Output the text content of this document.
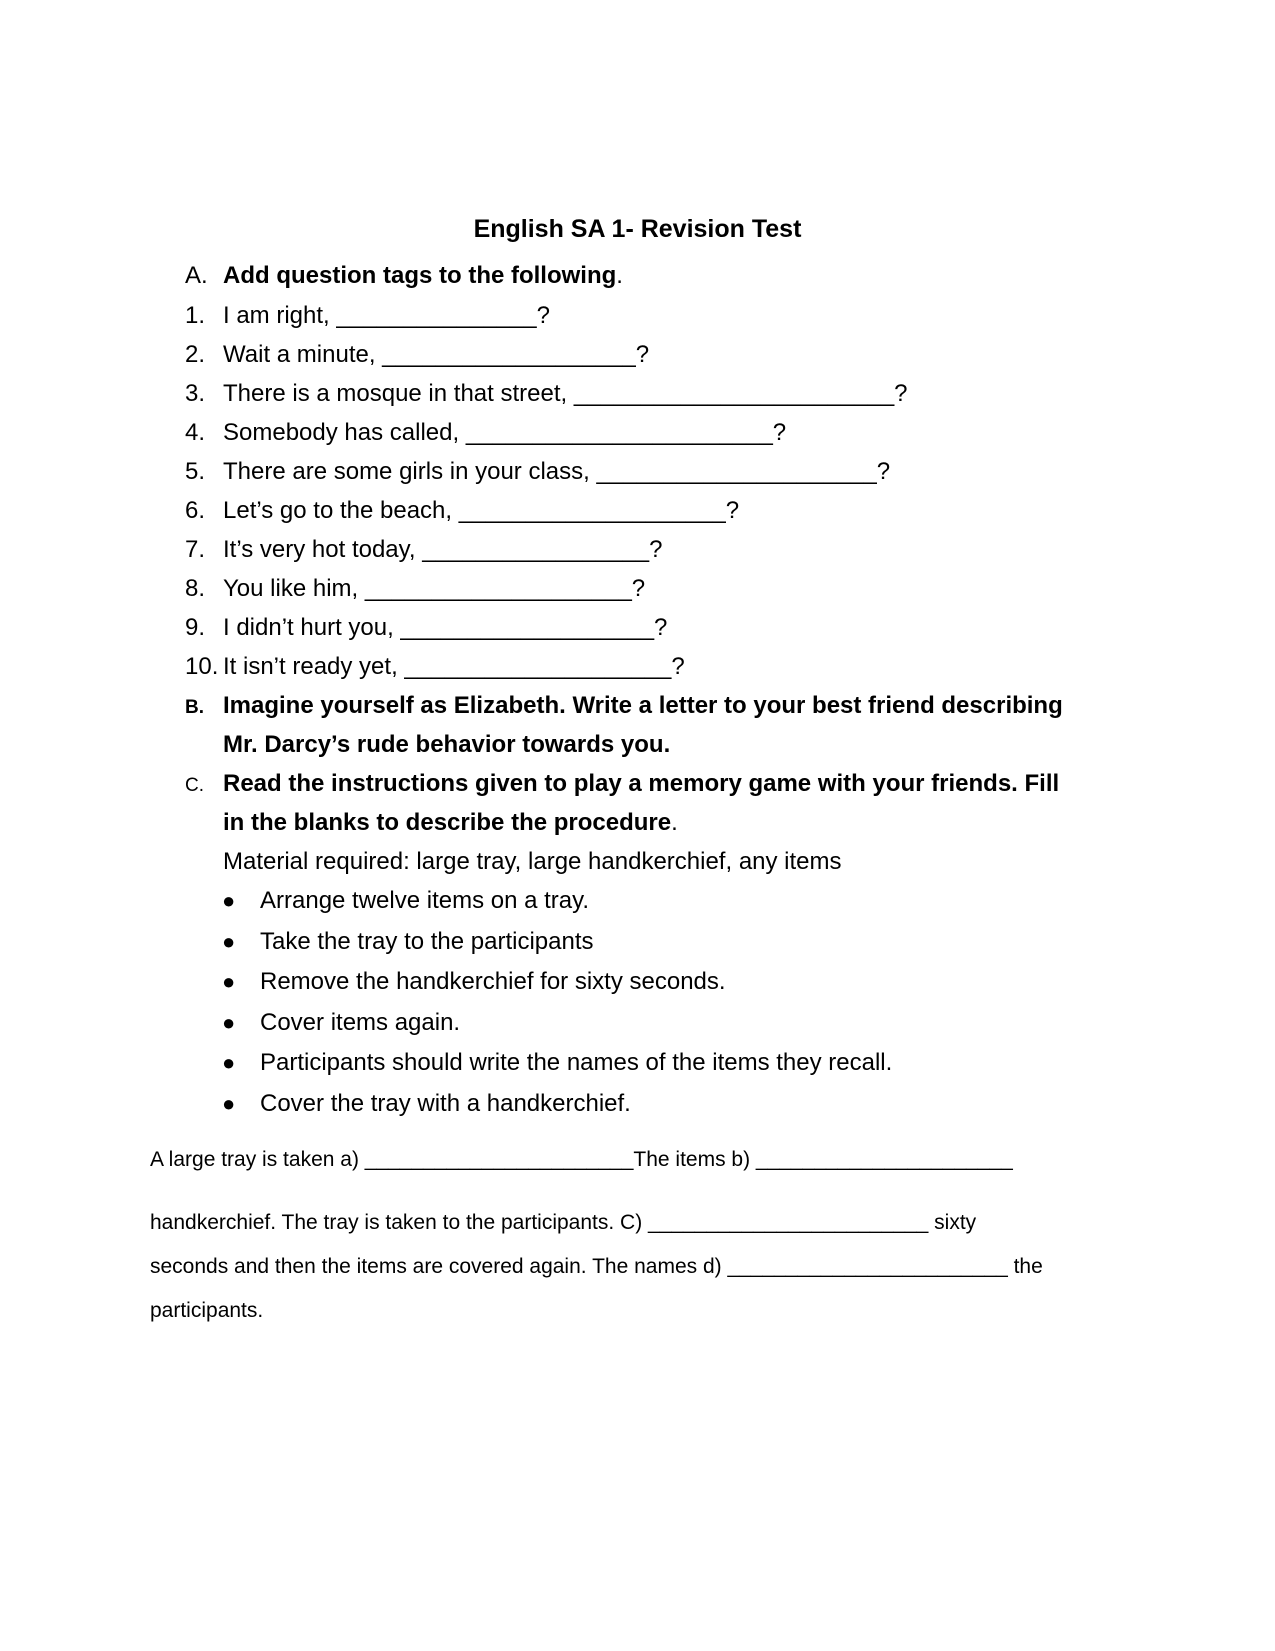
English SA 1- Revision Test
A. Add question tags to the following.
1. I am right, _______________?
2. Wait a minute, ___________________?
3. There is a mosque in that street, ________________________?
4. Somebody has called, _______________________?
5. There are some girls in your class, _____________________?
6. Let’s go to the beach, ____________________?
7. It’s very hot today, _________________?
8. You like him, ____________________?
9. I didn’t hurt you, ___________________?
10. It isn’t ready yet, ____________________?
B. Imagine yourself as Elizabeth. Write a letter to your best friend describing
Mr. Darcy’s rude behavior towards you.
C. Read the instructions given to play a memory game with your friends. Fill
in the blanks to describe the procedure.
Material required: large tray, large handkerchief, any items
● Arrange twelve items on a tray.
● Take the tray to the participants
● Remove the handkerchief for sixty seconds.
● Cover items again.
● Participants should write the names of the items they recall.
● Cover the tray with a handkerchief.
A large tray is taken a) _______________________The items b) ______________________
handkerchief. The tray is taken to the participants. C) ________________________ sixty
seconds and then the items are covered again. The names d) ________________________ the
participants.
